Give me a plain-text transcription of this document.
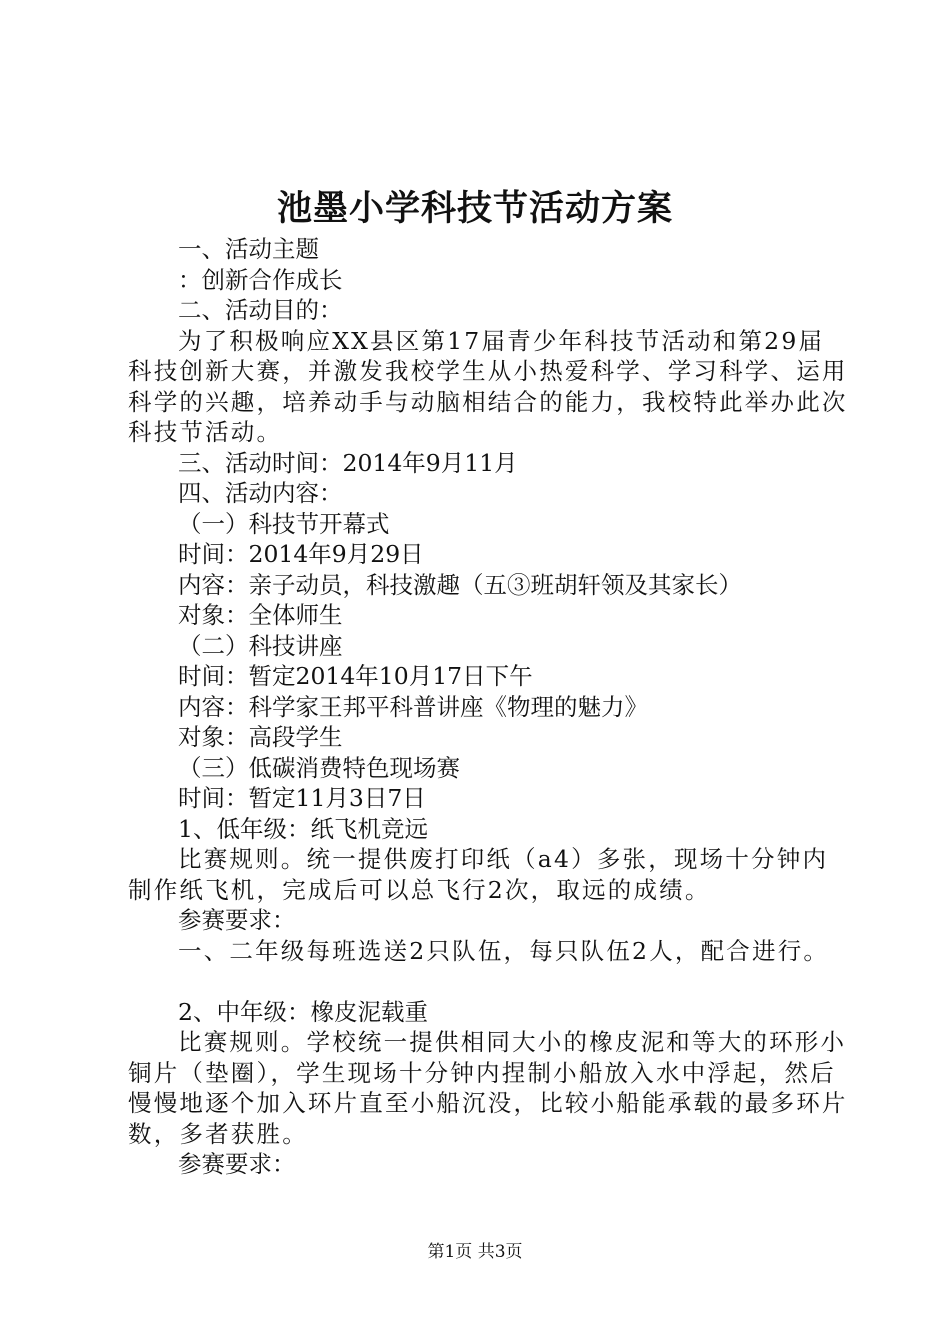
池墨小学科技节活动方案
一、活动主题
：创新合作成长
二、活动目的：
为了积极响应XX县区第17届青少年科技节活动和第29届科技创新大赛，并激发我校学生从小热爱科学、学习科学、运用科学的兴趣，培养动手与动脑相结合的能力，我校特此举办此次科技节活动。
三、活动时间：2014年9月11月
四、活动内容：
（一）科技节开幕式
时间：2014年9月29日
内容：亲子动员，科技激趣（五③班胡轩领及其家长）
对象：全体师生
（二）科技讲座
时间：暂定2014年10月17日下午
内容：科学家王邦平科普讲座《物理的魅力》
对象：高段学生
（三）低碳消费特色现场赛
时间：暂定11月3日7日
1、低年级：纸飞机竞远
比赛规则。统一提供废打印纸（a4）多张，现场十分钟内制作纸飞机，完成后可以总飞行2次，取远的成绩。
参赛要求：
一、二年级每班选送2只队伍，每只队伍2人，配合进行。
2、中年级：橡皮泥载重
比赛规则。学校统一提供相同大小的橡皮泥和等大的环形小铜片（垫圈），学生现场十分钟内捏制小船放入水中浮起，然后慢慢地逐个加入环片直至小船沉没，比较小船能承载的最多环片数，多者获胜。
参赛要求：
第1页 共3页
